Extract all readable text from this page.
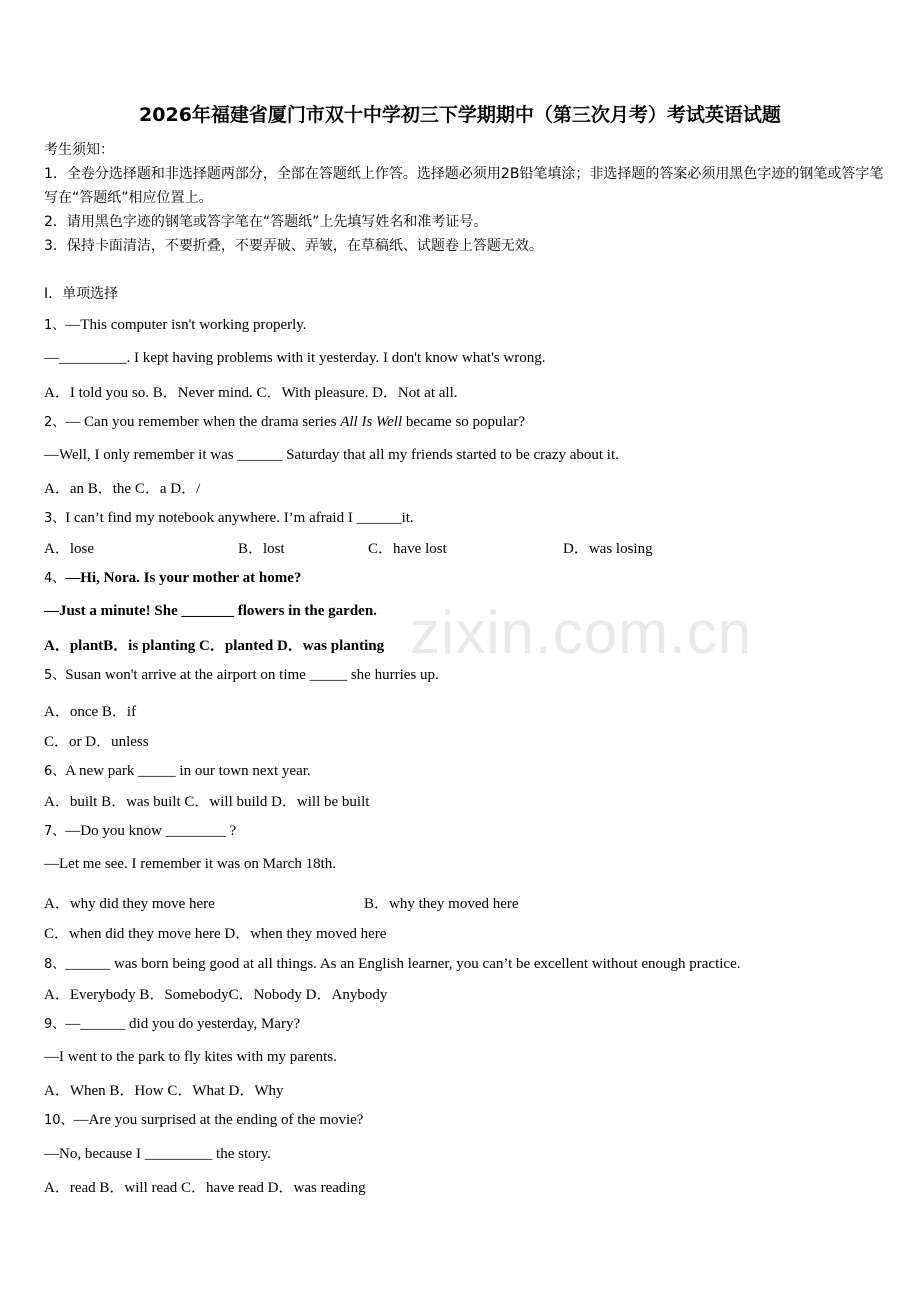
2026年福建省厦门市双十中学初三下学期期中（第三次月考）考试英语试题
考生须知：
1．全卷分选择题和非选择题两部分，全部在答题纸上作答。选择题必须用2B铅笔填涂；非选择题的答案必须用黑色字迹的钢笔或答字笔写在“答题纸”相应位置上。
2．请用黑色字迹的钢笔或答字笔在“答题纸”上先填写姓名和准考证号。
3．保持卡面清洁，不要折叠，不要弄破、弄皱，在草稿纸、试题卷上答题无效。
Ⅰ．单项选择
zixin.com.cn
1、—This computer isn't working properly.
—_________. I kept having problems with it yesterday. I don't know what's wrong.
A．I told you so. B．Never mind. C．With pleasure. D．Not at all.
2、— Can you remember when the drama series All Is Well became so popular?
—Well, I only remember it was ______ Saturday that all my friends started to be crazy about it.
A．an B．the C．a D．/
3、I can’t find my notebook anywhere. I’m afraid I ______it.
A．lose	B．lost	C．have lost	D．was losing
4、—Hi, Nora. Is your mother at home?
—Just a minute! She _______ flowers in the garden.
A．plantB．is planting C．planted D．was planting
5、Susan won't arrive at the airport on time _____ she hurries up.
A．once B．if
C．or D．unless
6、A new park _____ in our town next year.
A．built B．was built C．will build D．will be built
7、—Do you know ________ ?
—Let me see. I remember it was on March 18th.
A．why did they move here	B．why they moved here
C．when did they move here D．when they moved here
8、______ was born being good at all things. As an English learner, you can’t be excellent without enough practice.
A．Everybody B．SomebodyC．Nobody D．Anybody
9、—______ did you do yesterday, Mary?
—I went to the park to fly kites with my parents.
A．When B．How C．What D．Why
10、—Are you surprised at the ending of the movie?
—No, because I _________ the story.
A．read B．will read C．have read D．was reading
